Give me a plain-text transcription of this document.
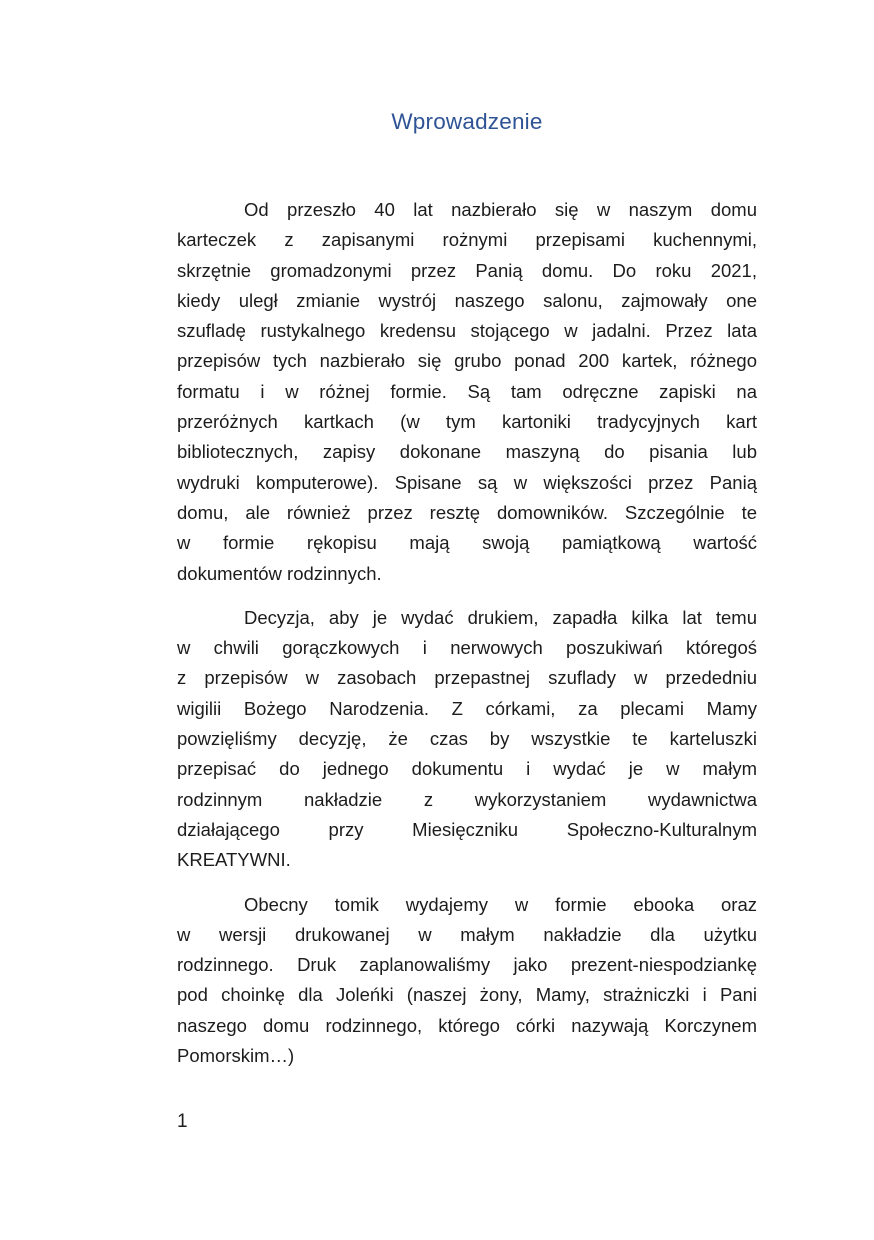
Wprowadzenie
Od przeszło 40 lat nazbierało się w naszym domu
karteczek z zapisanymi rożnymi przepisami kuchennymi,
skrzętnie gromadzonymi przez Panią domu. Do roku 2021,
kiedy uległ zmianie wystrój naszego salonu, zajmowały one
szufladę rustykalnego kredensu stojącego w jadalni. Przez lata
przepisów tych nazbierało się grubo ponad 200 kartek, różnego
formatu i w różnej formie. Są tam odręczne zapiski na
przeróżnych kartkach (w tym kartoniki tradycyjnych kart
bibliotecznych, zapisy dokonane maszyną do pisania lub
wydruki komputerowe). Spisane są w większości przez Panią
domu, ale również przez resztę domowników. Szczególnie te
w formie rękopisu mają swoją pamiątkową wartość
dokumentów rodzinnych.
Decyzja, aby je wydać drukiem, zapadła kilka lat temu
w chwili gorączkowych i nerwowych poszukiwań któregoś
z przepisów w zasobach przepastnej szuflady w przededniu
wigilii Bożego Narodzenia. Z córkami, za plecami Mamy
powzięliśmy decyzję, że czas by wszystkie te karteluszki
przepisać do jednego dokumentu i wydać je w małym
rodzinnym nakładzie z wykorzystaniem wydawnictwa
działającego przy Miesięczniku Społeczno-Kulturalnym
KREATYWNI.
Obecny tomik wydajemy w formie ebooka oraz
w wersji drukowanej w małym nakładzie dla użytku
rodzinnego. Druk zaplanowaliśmy jako prezent-niespodziankę
pod choinkę dla Joleńki (naszej żony, Mamy, strażniczki i Pani
naszego domu rodzinnego, którego córki nazywają Korczynem
Pomorskim…)
1
